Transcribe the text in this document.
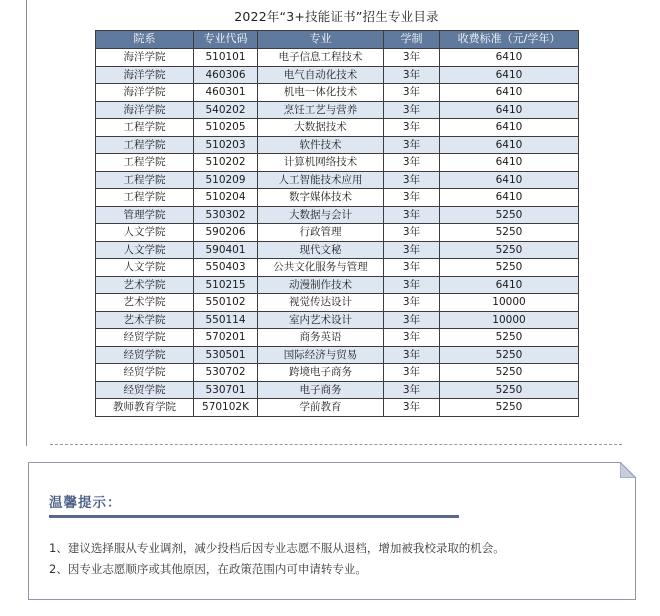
2022年“3+技能证书”招生专业目录
院系	专业代码	专业	学制	收费标准（元/学年）
海洋学院	510101	电子信息工程技术	3年	6410
海洋学院	460306	电气自动化技术	3年	6410
海洋学院	460301	机电一体化技术	3年	6410
海洋学院	540202	烹饪工艺与营养	3年	6410
工程学院	510205	大数据技术	3年	6410
工程学院	510203	软件技术	3年	6410
工程学院	510202	计算机网络技术	3年	6410
工程学院	510209	人工智能技术应用	3年	6410
工程学院	510204	数字媒体技术	3年	6410
管理学院	530302	大数据与会计	3年	5250
人文学院	590206	行政管理	3年	5250
人文学院	590401	现代文秘	3年	5250
人文学院	550403	公共文化服务与管理	3年	5250
艺术学院	510215	动漫制作技术	3年	6410
艺术学院	550102	视觉传达设计	3年	10000
艺术学院	550114	室内艺术设计	3年	10000
经贸学院	570201	商务英语	3年	5250
经贸学院	530501	国际经济与贸易	3年	5250
经贸学院	530702	跨境电子商务	3年	5250
经贸学院	530701	电子商务	3年	5250
教师教育学院	570102K	学前教育	3年	5250
温馨提示：
1、建议选择服从专业调剂，减少投档后因专业志愿不服从退档，增加被我校录取的机会。
2、因专业志愿顺序或其他原因，在政策范围内可申请转专业。
